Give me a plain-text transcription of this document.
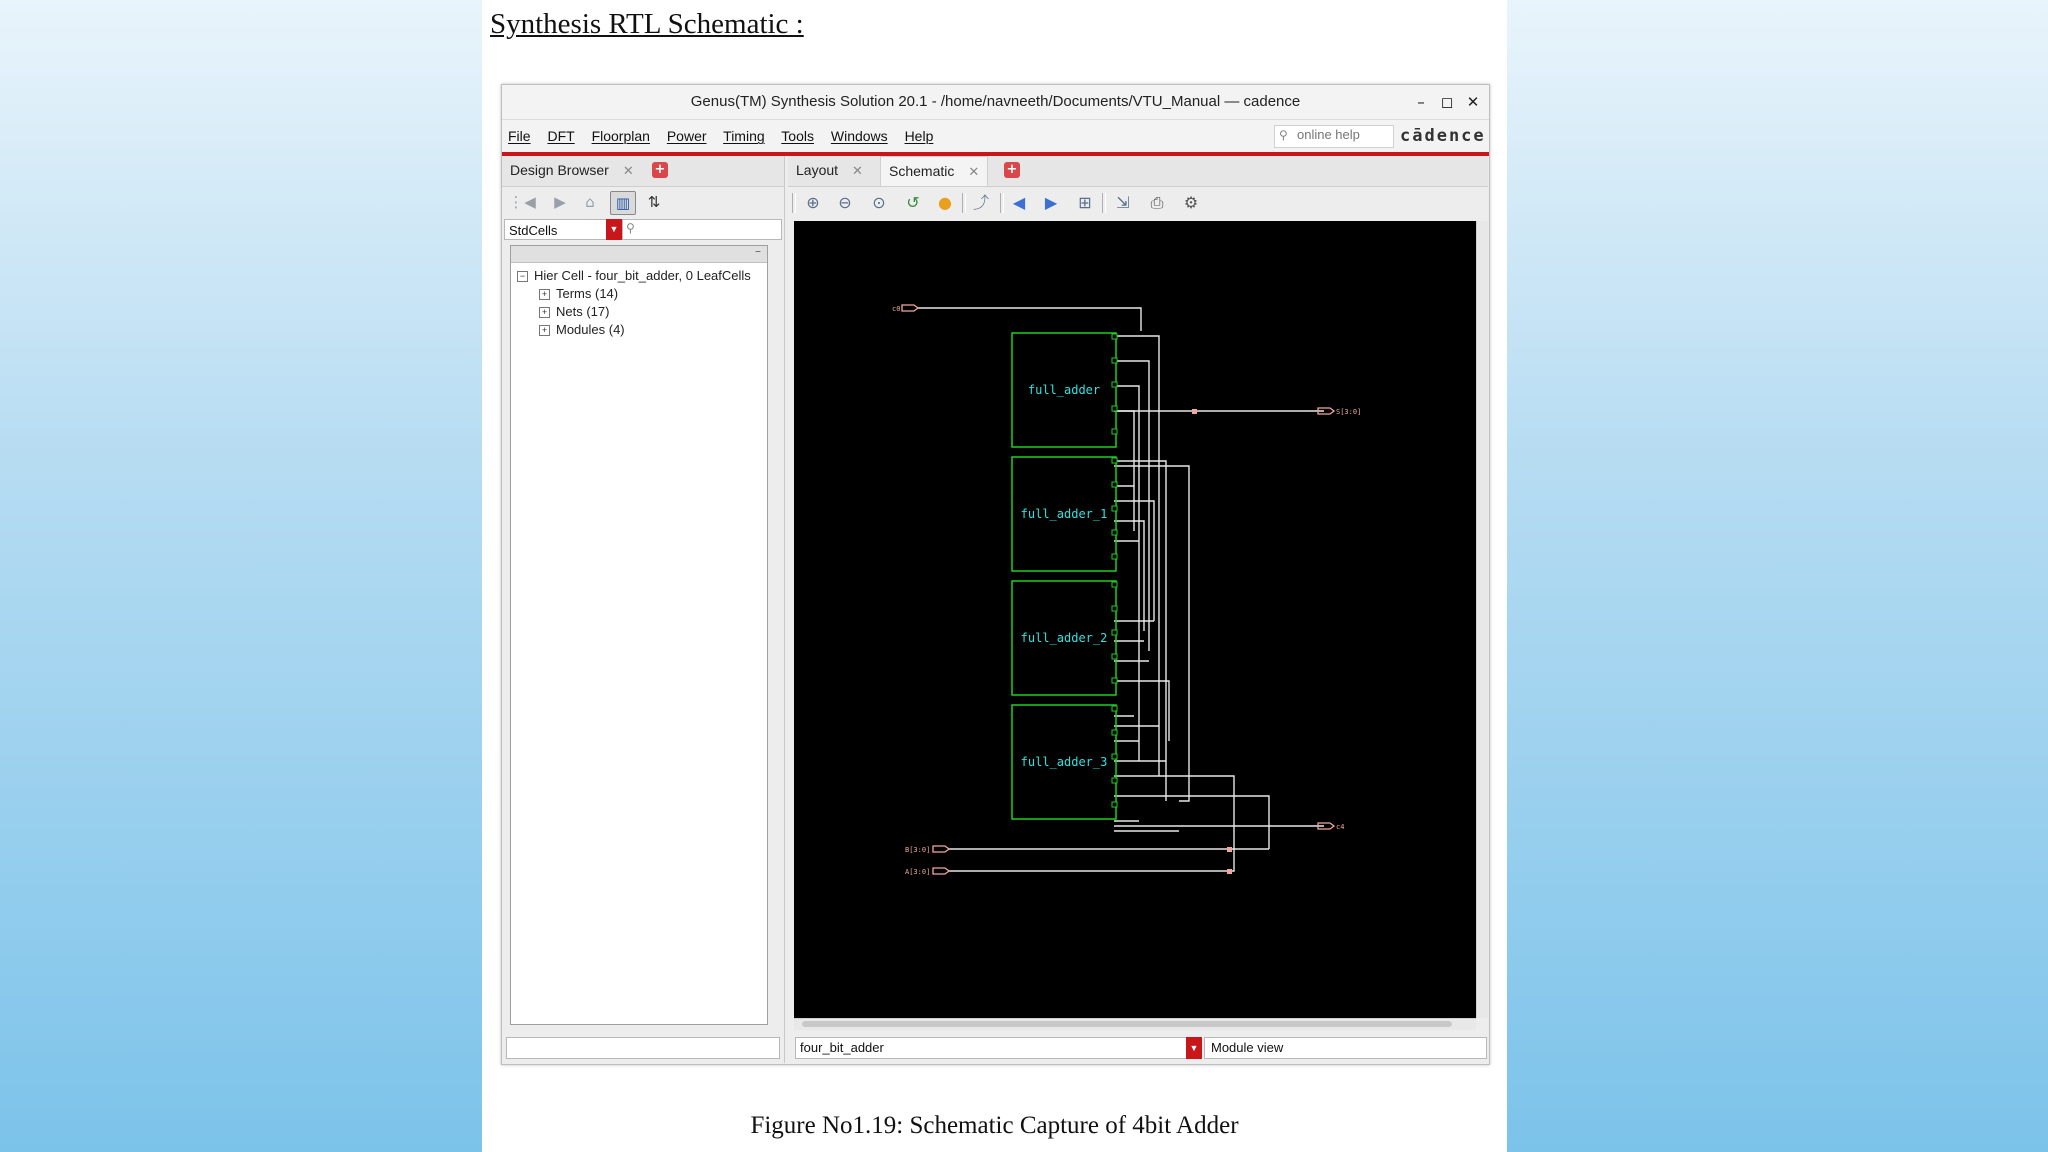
Synthesis RTL Schematic :
Genus(TM) Synthesis Solution 20.1 - /home/navneeth/Documents/VTU_Manual — cadence	–	◻ ✕
File DFT Floorplan Power Timing Tools Windows Help	⚲
online help	cādence
Design Browser ✕	+
⋮ ◀	▶	⌂	▥	⇅
StdCells	▼ ⚲
–
− Hier Cell - four_bit_adder, 0 LeafCells
+ Terms (14)
+ Nets (17)
+ Modules (4)
Layout ✕	Schematic ✕	+
⊕	⊖	⊙	↺	●	⤴	◀	▶	⊞	⇲	⎙	⚙
full_adder
full_adder_1
full_adder_2
full_adder_3
c0
S[3:0]
c4
B[3:0]
A[3:0]
four_bit_adder	▼ Module view
Figure No1.19: Schematic Capture of 4bit Adder
